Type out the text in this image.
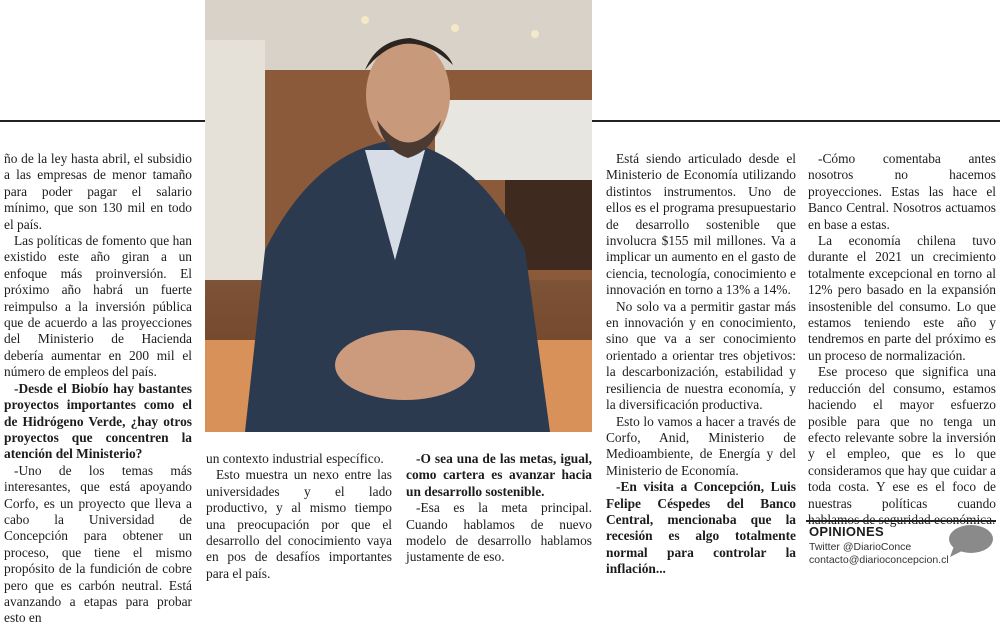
ño de la ley hasta abril, el subsidio a las empresas de menor tamaño para poder pagar el salario mínimo, que son 130 mil en todo el país.

Las políticas de fomento que han existido este año giran a un enfoque más proinversión. El próximo año habrá un fuerte reimpulso a la inversión pública que de acuerdo a las proyecciones del Ministerio de Hacienda debería aumentar en 200 mil el número de empleos del país.

-Desde el Biobío hay bastantes proyectos importantes como el de Hidrógeno Verde, ¿hay otros proyectos que concentren la atención del Ministerio?

-Uno de los temas más interesantes, que está apoyando Corfo, es un proyecto que lleva a cabo la Universidad de Concepción para obtener un proceso, que tiene el mismo propósito de la fundición de cobre pero que es carbón neutral. Está avanzando a etapas para probar esto en

un contexto industrial específico.

Esto muestra un nexo entre las universidades y el lado productivo, y al mismo tiempo una preocupación por que el desarrollo del conocimiento vaya en pos de desafíos importantes para el país.

-O sea una de las metas, igual, como cartera es avanzar hacia un desarrollo sostenible.

-Esa es la meta principal. Cuando hablamos de nuevo modelo de desarrollo hablamos justamente de eso.

Está siendo articulado desde el Ministerio de Economía utilizando distintos instrumentos. Uno de ellos es el programa presupuestario de desarrollo sostenible que involucra $155 mil millones. Va a implicar un aumento en el gasto de ciencia, tecnología, conocimiento e innovación en torno a 13% a 14%.

No solo va a permitir gastar más en innovación y en conocimiento, sino que va a ser conocimiento orientado a orientar tres objetivos: la descarbonización, estabilidad y resiliencia de nuestra economía, y la diversificación productiva.

Esto lo vamos a hacer a través de Corfo, Anid, Ministerio de Medioambiente, de Energía y del Ministerio de Economía.

-En visita a Concepción, Luis Felipe Céspedes del Banco Central, mencionaba que la recesión es algo totalmente normal para controlar la inflación...

-Cómo comentaba antes nosotros no hacemos proyecciones. Estas las hace el Banco Central. Nosotros actuamos en base a estas.

La economía chilena tuvo durante el 2021 un crecimiento totalmente excepcional en torno al 12% pero basado en la expansión insostenible del consumo. Lo que estamos teniendo este año y tendremos en parte del próximo es un proceso de normalización.

Ese proceso que significa una reducción del consumo, estamos haciendo el mayor esfuerzo posible para que no tenga un efecto relevante sobre la inversión y el empleo, que es lo que consideramos que hay que cuidar a toda costa. Y ese es el foco de nuestras políticas cuando

OPINIONES
Twitter @DiarioConce
contacto@diarioconcepcion.cl
